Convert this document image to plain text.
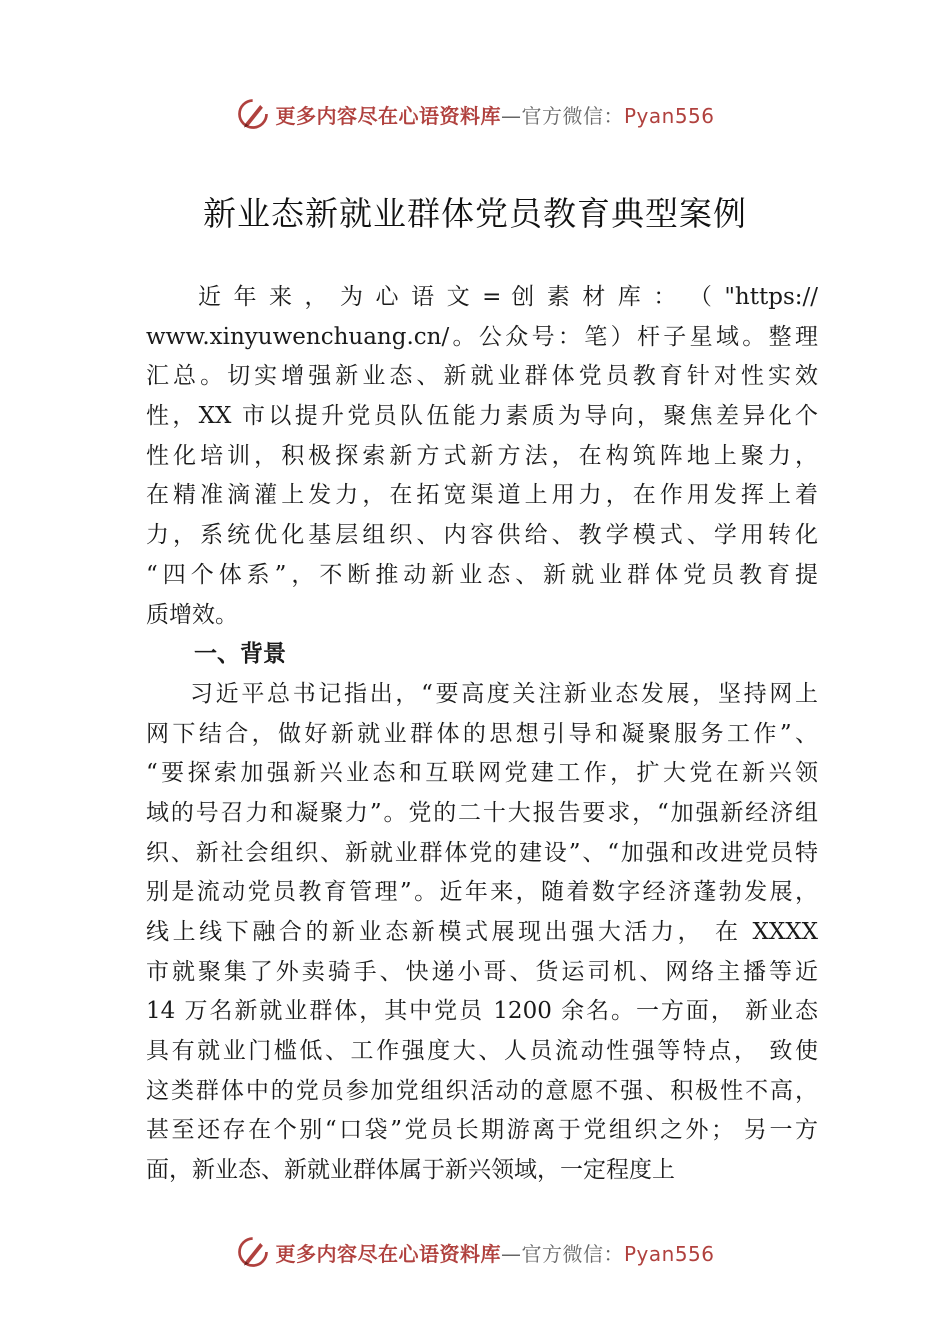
更多内容尽在心语资料库—官方微信：Pyan556
新业态新就业群体党员教育典型案例
近 年 来 ， 为 心 语 文 = 创 素 材 库 ： （ "https://
www.xinyuwenchuang.cn/。公众号：笔）杆子星域。整理
汇总。切实增强新业态、新就业群体党员教育针对性实效
性，XX 市以提升党员队伍能力素质为导向，聚焦差异化个
性化培训，积极探索新方式新方法，在构筑阵地上聚力，
在精准滴灌上发力，在拓宽渠道上用力，在作用发挥上着
力，系统优化基层组织、内容供给、教学模式、学用转化
“四个体系”，不断推动新业态、新就业群体党员教育提
质增效。
一、背景
习近平总书记指出，“要高度关注新业态发展，坚持网上
网下结合，做好新就业群体的思想引导和凝聚服务工作”、
“要探索加强新兴业态和互联网党建工作，扩大党在新兴领
域的号召力和凝聚力”。党的二十大报告要求，“加强新经济组
织、新社会组织、新就业群体党的建设”、“加强和改进党员特
别是流动党员教育管理”。近年来，随着数字经济蓬勃发展，
线上线下融合的新业态新模式展现出强大活力， 在 XXXX
市就聚集了外卖骑手、快递小哥、货运司机、网络主播等近
14 万名新就业群体，其中党员 1200 余名。一方面， 新业态
具有就业门槛低、工作强度大、人员流动性强等特点， 致使
这类群体中的党员参加党组织活动的意愿不强、积极性不高，
甚至还存在个别“口袋”党员长期游离于党组织之外； 另一方
面，新业态、新就业群体属于新兴领域，一定程度上
更多内容尽在心语资料库—官方微信：Pyan556
